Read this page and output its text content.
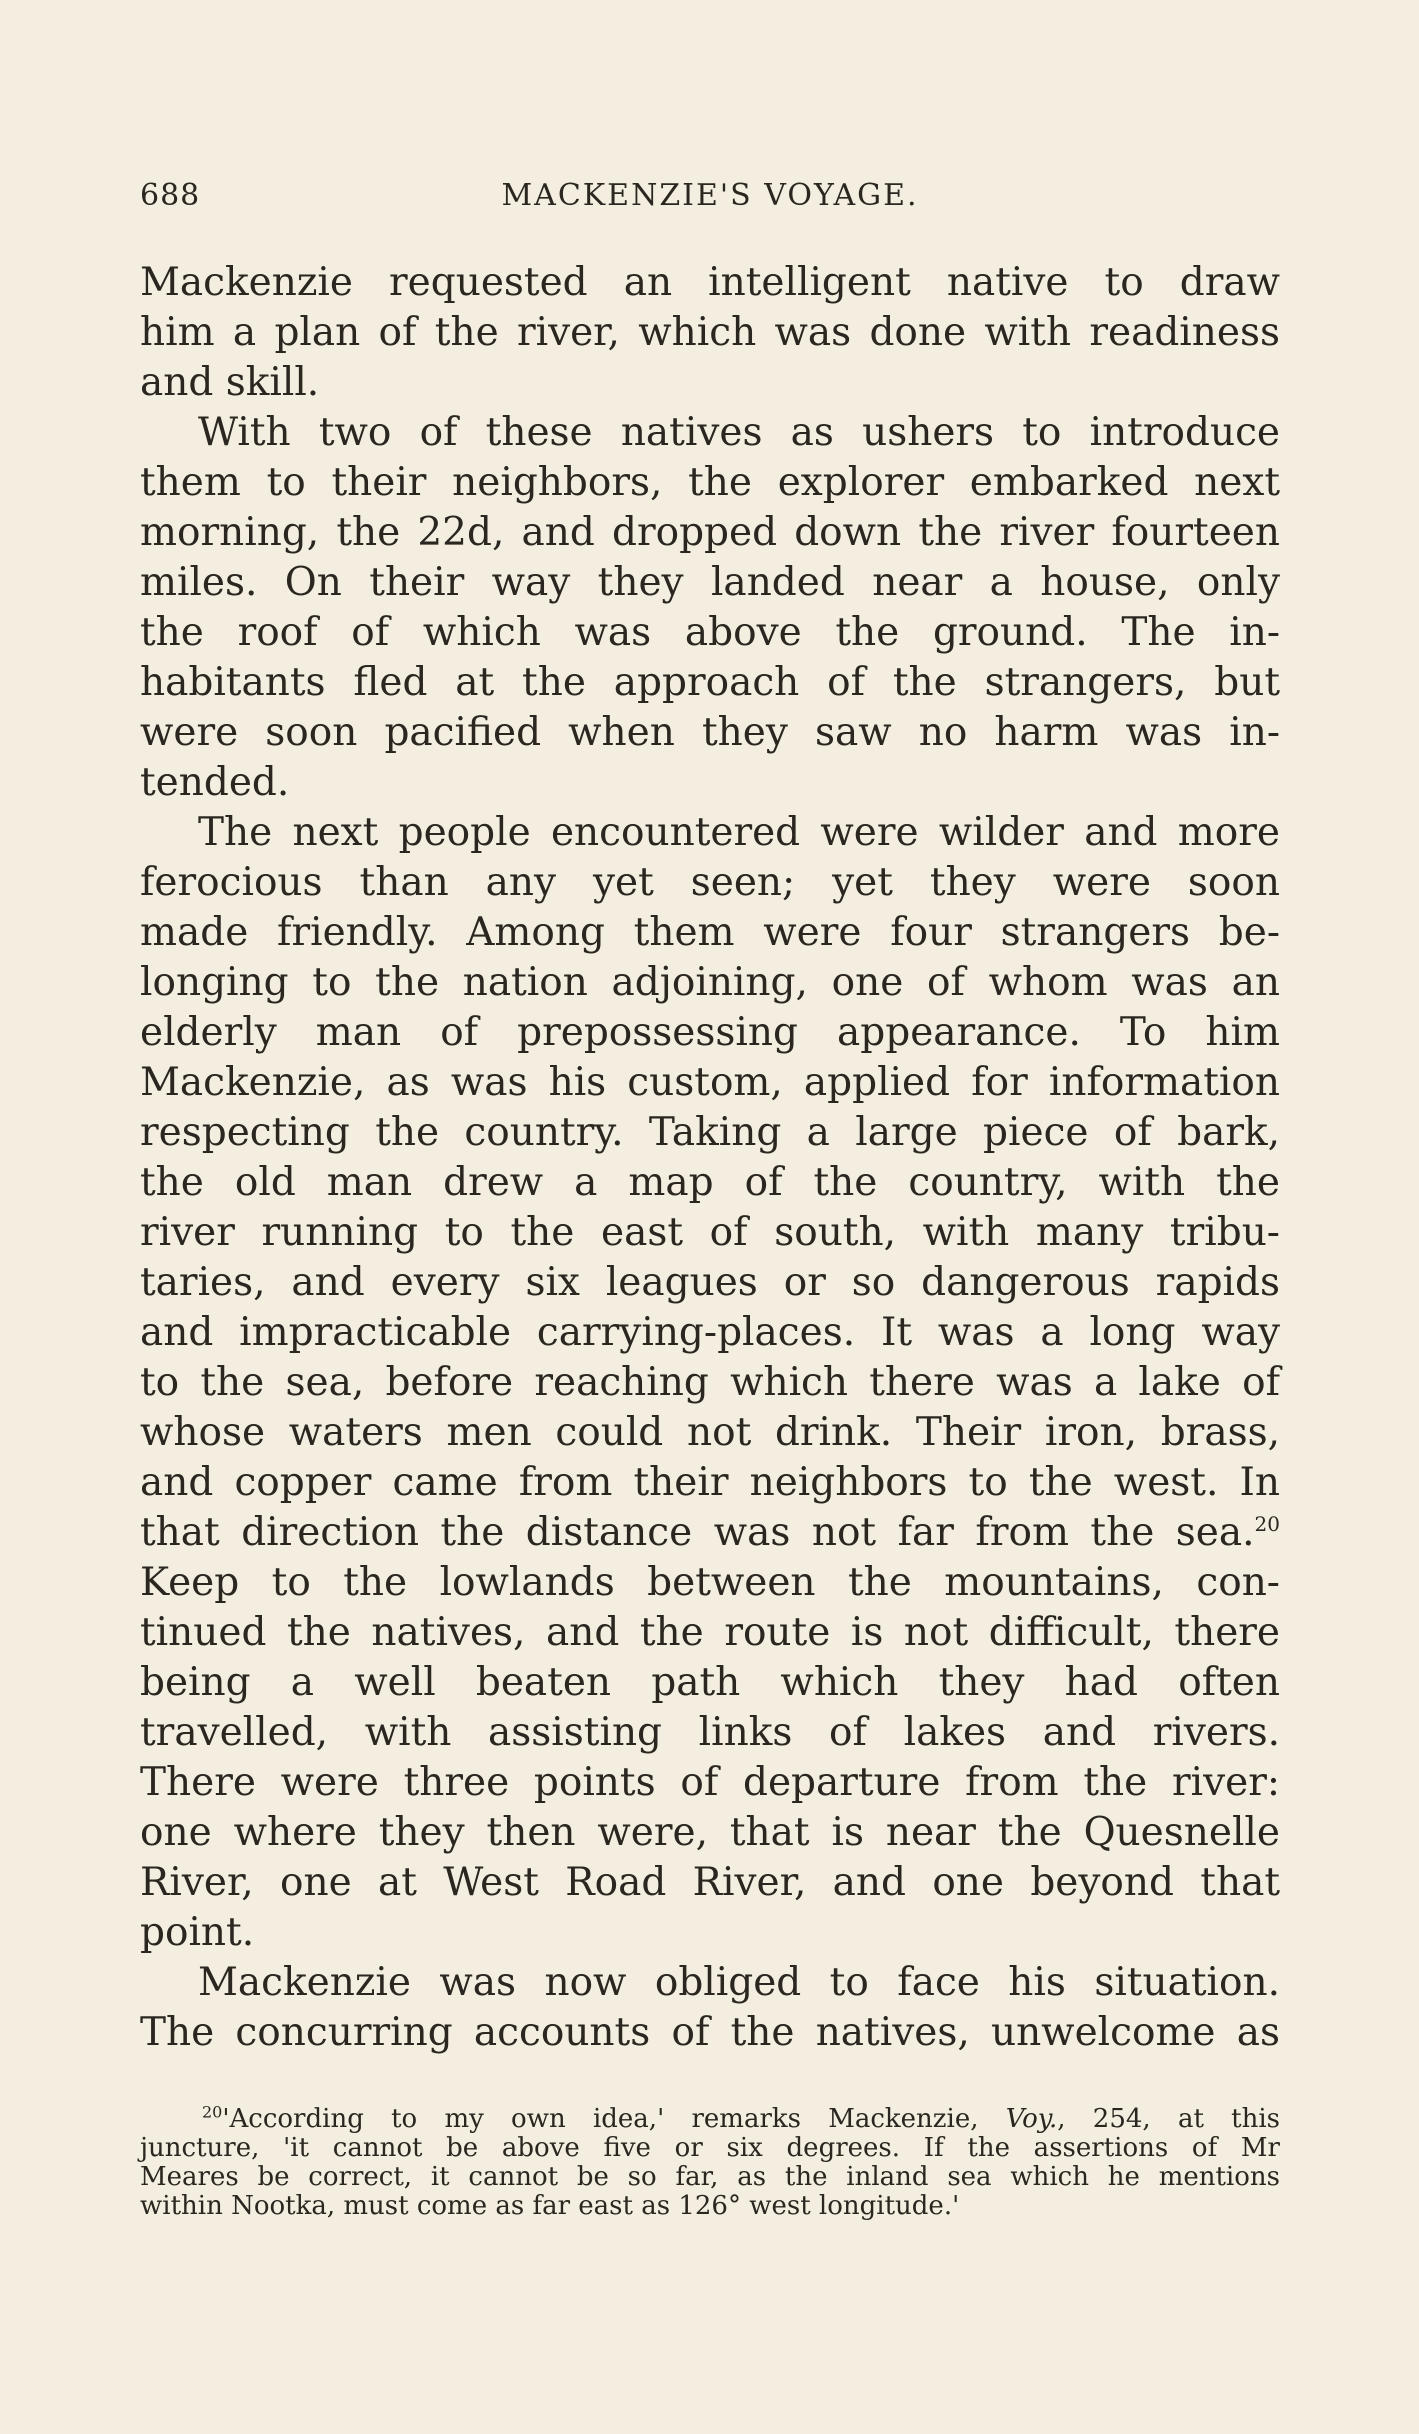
688	MACKENZIE'S VOYAGE.
Mackenzie requested an intelligent native to draw
him a plan of the river, which was done with readiness
and skill.
With two of these natives as ushers to introduce
them to their neighbors, the explorer embarked next
morning, the 22d, and dropped down the river fourteen
miles. On their way they landed near a house, only
the roof of which was above the ground. The in-
habitants fled at the approach of the strangers, but
were soon pacified when they saw no harm was in-
tended.
The next people encountered were wilder and more
ferocious than any yet seen; yet they were soon
made friendly. Among them were four strangers be-
longing to the nation adjoining, one of whom was an
elderly man of prepossessing appearance. To him
Mackenzie, as was his custom, applied for information
respecting the country. Taking a large piece of bark,
the old man drew a map of the country, with the
river running to the east of south, with many tribu-
taries, and every six leagues or so dangerous rapids
and impracticable carrying-places. It was a long way
to the sea, before reaching which there was a lake of
whose waters men could not drink. Their iron, brass,
and copper came from their neighbors to the west. In
that direction the distance was not far from the sea.$^{20}$
Keep to the lowlands between the mountains, con-
tinued the natives, and the route is not difficult, there
being a well beaten path which they had often
travelled, with assisting links of lakes and rivers.
There were three points of departure from the river:
one where they then were, that is near the Quesnelle
River, one at West Road River, and one beyond that
point.
Mackenzie was now obliged to face his situation.
The concurring accounts of the natives, unwelcome as
$^{20}$'According to my own idea,' remarks Mackenzie, Voy., 254, at this
juncture, 'it cannot be above five or six degrees. If the assertions of Mr
Meares be correct, it cannot be so far, as the inland sea which he mentions
within Nootka, must come as far east as 126° west longitude.'
